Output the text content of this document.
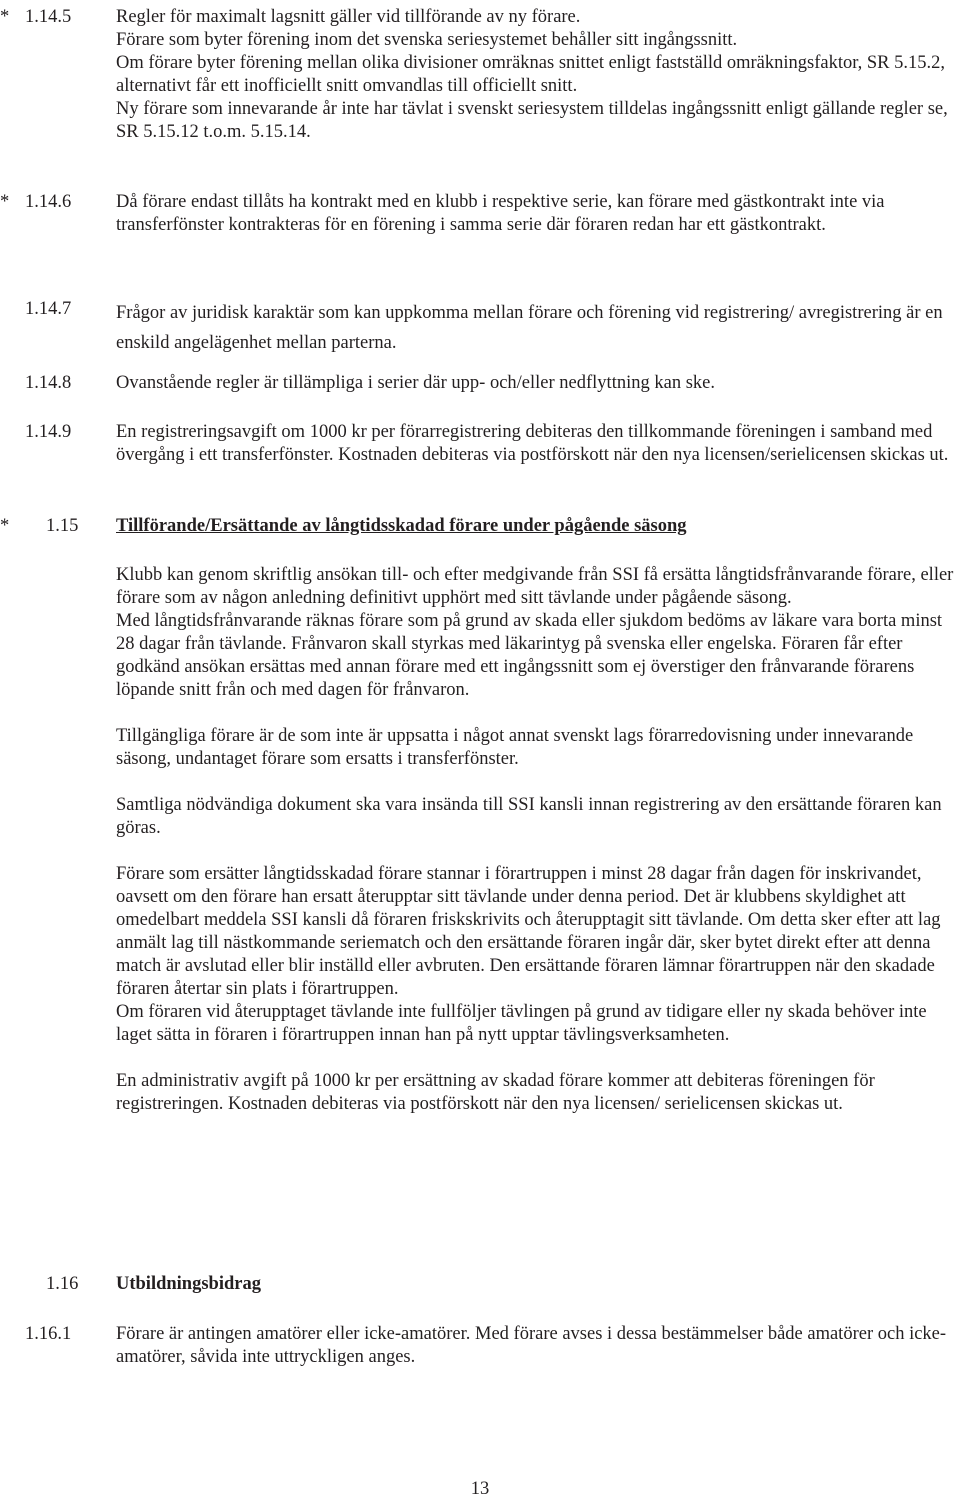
* 1.14.5 Regler för maximalt lagsnitt gäller vid tillförande av ny förare.

Förare som byter förening inom det svenska seriesystemet behåller sitt ingångssnitt.

Om förare byter förening mellan olika divisioner omräknas snittet enligt fastställd omräkningsfaktor, SR 5.15.2, alternativt får ett inofficiellt snitt omvandlas till officiellt snitt.

Ny förare som innevarande år inte har tävlat i svenskt seriesystem tilldelas ingångssnitt enligt gällande regler se, SR 5.15.12 t.o.m. 5.15.14.

* 1.14.6 Då förare endast tillåts ha kontrakt med en klubb i respektive serie, kan förare med gästkontrakt inte via transferfönster kontrakteras för en förening i samma serie där föraren redan har ett gästkontrakt.

1.14.7 Frågor av juridisk karaktär som kan uppkomma mellan förare och förening vid registrering/ avregistrering är en enskild angelägenhet mellan parterna.

1.14.8 Ovanstående regler är tillämpliga i serier där upp- och/eller nedflyttning kan ske.

1.14.9 En registreringsavgift om 1000 kr per förarregistrering debiteras den tillkommande föreningen i samband med övergång i ett transferfönster. Kostnaden debiteras via postförskott när den nya licensen/serielicensen skickas ut.

* 1.15 Tillförande/Ersättande av långtidsskadad förare under pågående säsong

Klubb kan genom skriftlig ansökan till- och efter medgivande från SSI få ersätta långtidsfrånvarande förare, eller förare som av någon anledning definitivt upphört med sitt tävlande under pågående säsong.

Med långtidsfrånvarande räknas förare som på grund av skada eller sjukdom bedöms av läkare vara borta minst 28 dagar från tävlande. Frånvaron skall styrkas med läkarintyg på svenska eller engelska. Föraren får efter godkänd ansökan ersättas med annan förare med ett ingångssnitt som ej överstiger den frånvarande förarens löpande snitt från och med dagen för frånvaron.

Tillgängliga förare är de som inte är uppsatta i något annat svenskt lags förarredovisning under innevarande säsong, undantaget förare som ersatts i transferfönster.

Samtliga nödvändiga dokument ska vara insända till SSI kansli innan registrering av den ersättande föraren kan göras.

Förare som ersätter långtidsskadad förare stannar i förartruppen i minst 28 dagar från dagen för inskrivandet, oavsett om den förare han ersatt återupptar sitt tävlande under denna period. Det är klubbens skyldighet att omedelbart meddela SSI kansli då föraren friskskrivits och återupptagit sitt tävlande. Om detta sker efter att lag anmält lag till nästkommande seriematch och den ersättande föraren ingår där, sker bytet direkt efter att denna match är avslutad eller blir inställd eller avbruten. Den ersättande föraren lämnar förartruppen när den skadade föraren återtar sin plats i förartruppen.

Om föraren vid återupptaget tävlande inte fullföljer tävlingen på grund av tidigare eller ny skada behöver inte laget sätta in föraren i förartruppen innan han på nytt upptar tävlingsverksamheten.

En administrativ avgift på 1000 kr per ersättning av skadad förare kommer att debiteras föreningen för registreringen. Kostnaden debiteras via postförskott när den nya licensen/ serielicensen skickas ut.

1.16 Utbildningsbidrag

1.16.1 Förare är antingen amatörer eller icke-amatörer. Med förare avses i dessa bestämmelser både amatörer och icke-amatörer, såvida inte uttryckligen anges.

13
